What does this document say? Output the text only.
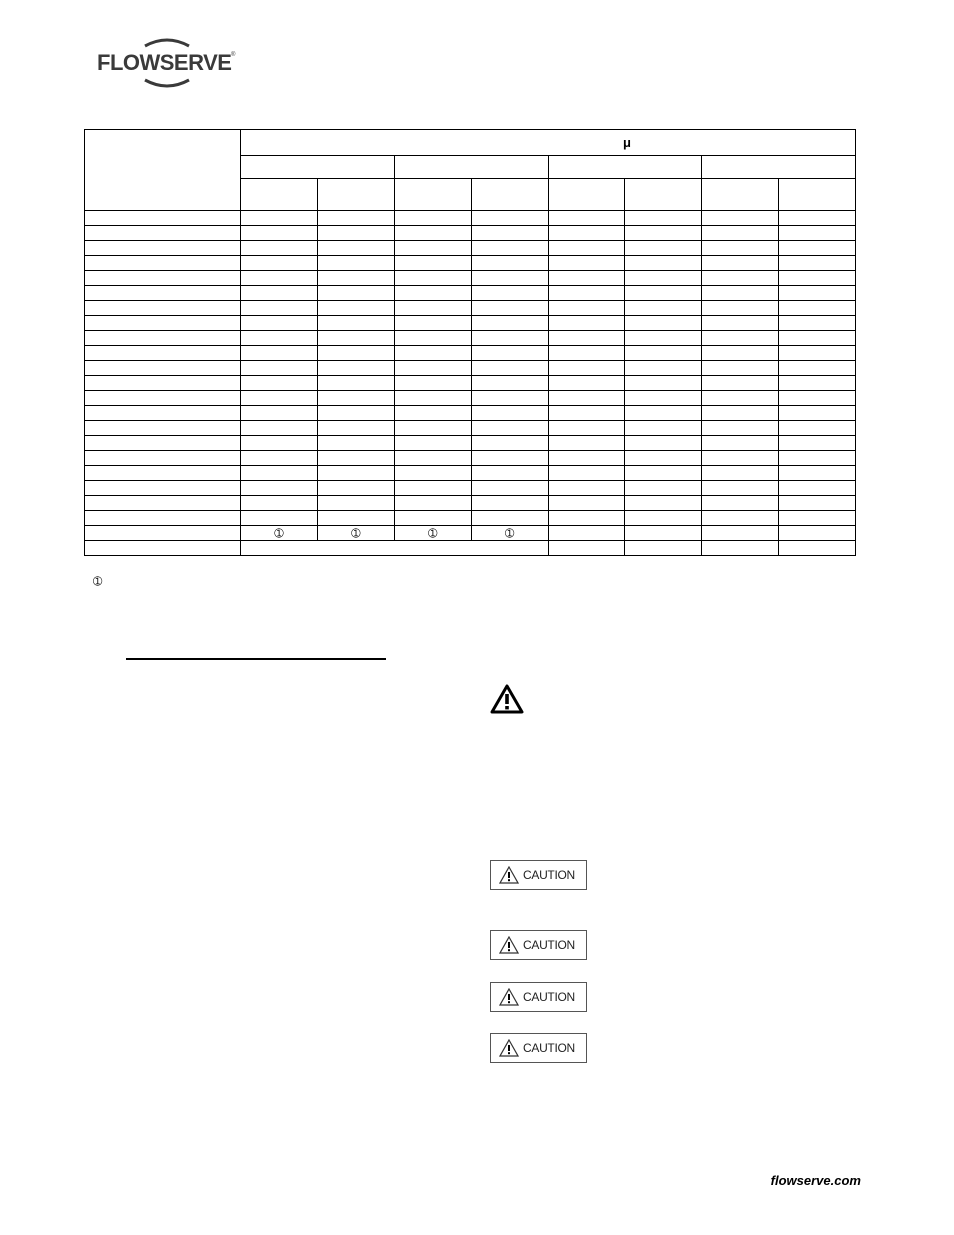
FLOWSERVE ®
	μ							

	➀	➀	➀	➀				

➀
CAUTION
CAUTION
CAUTION
CAUTION
flowserve.com
